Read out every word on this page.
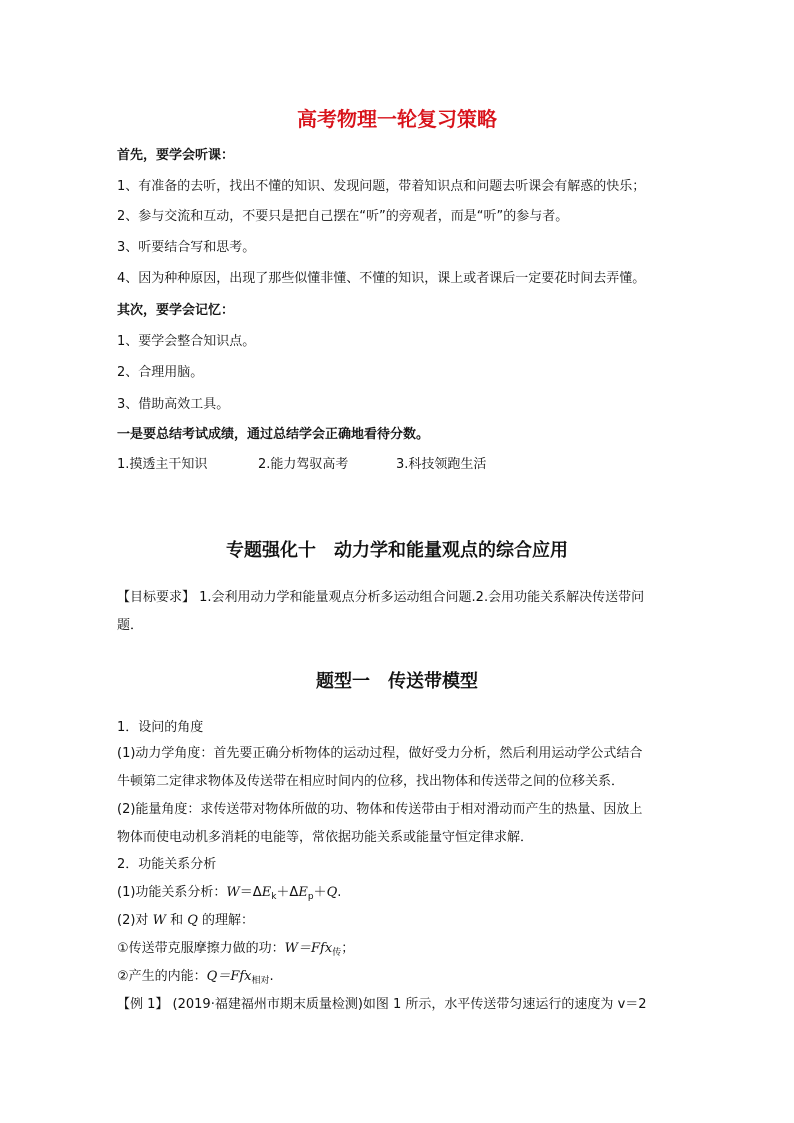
高考物理一轮复习策略
首先，要学会听课：
1、有准备的去听，找出不懂的知识、发现问题，带着知识点和问题去听课会有解惑的快乐；
2、参与交流和互动，不要只是把自己摆在“听”的旁观者，而是“听”的参与者。
3、听要结合写和思考。
4、因为种种原因，出现了那些似懂非懂、不懂的知识，课上或者课后一定要花时间去弄懂。
其次，要学会记忆：
1、要学会整合知识点。
2、合理用脑。
3、借助高效工具。
一是要总结考试成绩，通过总结学会正确地看待分数。
1.摸透主干知识	2.能力驾驭高考	3.科技领跑生活
专题强化十　动力学和能量观点的综合应用
【目标要求】 1.会利用动力学和能量观点分析多运动组合问题.2.会用功能关系解决传送带问
题．
题型一　传送带模型
1．设问的角度
(1)动力学角度：首先要正确分析物体的运动过程，做好受力分析，然后利用运动学公式结合
牛顿第二定律求物体及传送带在相应时间内的位移，找出物体和传送带之间的位移关系．
(2)能量角度：求传送带对物体所做的功、物体和传送带由于相对滑动而产生的热量、因放上
物体而使电动机多消耗的电能等，常依据功能关系或能量守恒定律求解．
2．功能关系分析
(1)功能关系分析：$W=\Delta E_k+\Delta E_p+Q$.
(2)对 W 和 Q 的理解：
①传送带克服摩擦力做的功：W＝Ffx$_传$；
②产生的内能：Q＝Ffx$_{相对}$.
【例 1】 (2019·福建福州市期末质量检测)如图 1 所示，水平传送带匀速运行的速度为 v＝2
